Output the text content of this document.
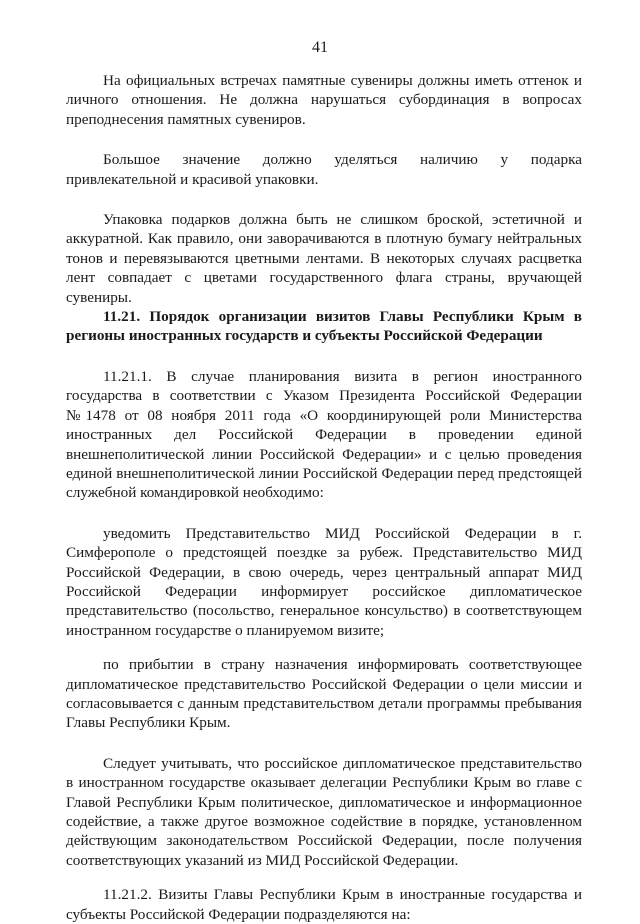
41

На официальных встречах памятные сувениры должны иметь оттенок и личного отношения. Не должна нарушаться субординация в вопросах преподнесения памятных сувениров.

Большое значение должно уделяться наличию у подарка привлекательной и красивой упаковки.

Упаковка подарков должна быть не слишком броской, эстетичной и аккуратной. Как правило, они заворачиваются в плотную бумагу нейтральных тонов и перевязываются цветными лентами. В некоторых случаях расцветка лент совпадает с цветами государственного флага страны, вручающей сувениры.

11.21. Порядок организации визитов Главы Республики Крым в регионы иностранных государств и субъекты Российской Федерации

11.21.1. В случае планирования визита в регион иностранного государства в соответствии с Указом Президента Российской Федерации №1478 от 08 ноября 2011 года «О координирующей роли Министерства иностранных дел Российской Федерации в проведении единой внешнеполитической линии Российской Федерации» и с целью проведения единой внешнеполитической линии Российской Федерации перед предстоящей служебной командировкой необходимо:

уведомить Представительство МИД Российской Федерации в г. Симферополе о предстоящей поездке за рубеж. Представительство МИД Российской Федерации, в свою очередь, через центральный аппарат МИД Российской Федерации информирует российское дипломатическое представительство (посольство, генеральное консульство) в соответствующем иностранном государстве о планируемом визите;

по прибытии в страну назначения информировать соответствующее дипломатическое представительство Российской Федерации о цели миссии и согласовывается с данным представительством детали программы пребывания Главы Республики Крым.

Следует учитывать, что российское дипломатическое представительство в иностранном государстве оказывает делегации Республики Крым во главе с Главой Республики Крым политическое, дипломатическое и информационное содействие, а также другое возможное содействие в порядке, установленном действующим законодательством Российской Федерации, после получения соответствующих указаний из МИД Российской Федерации.

11.21.2. Визиты Главы Республики Крым в иностранные государства и субъекты Российской Федерации подразделяются на:
